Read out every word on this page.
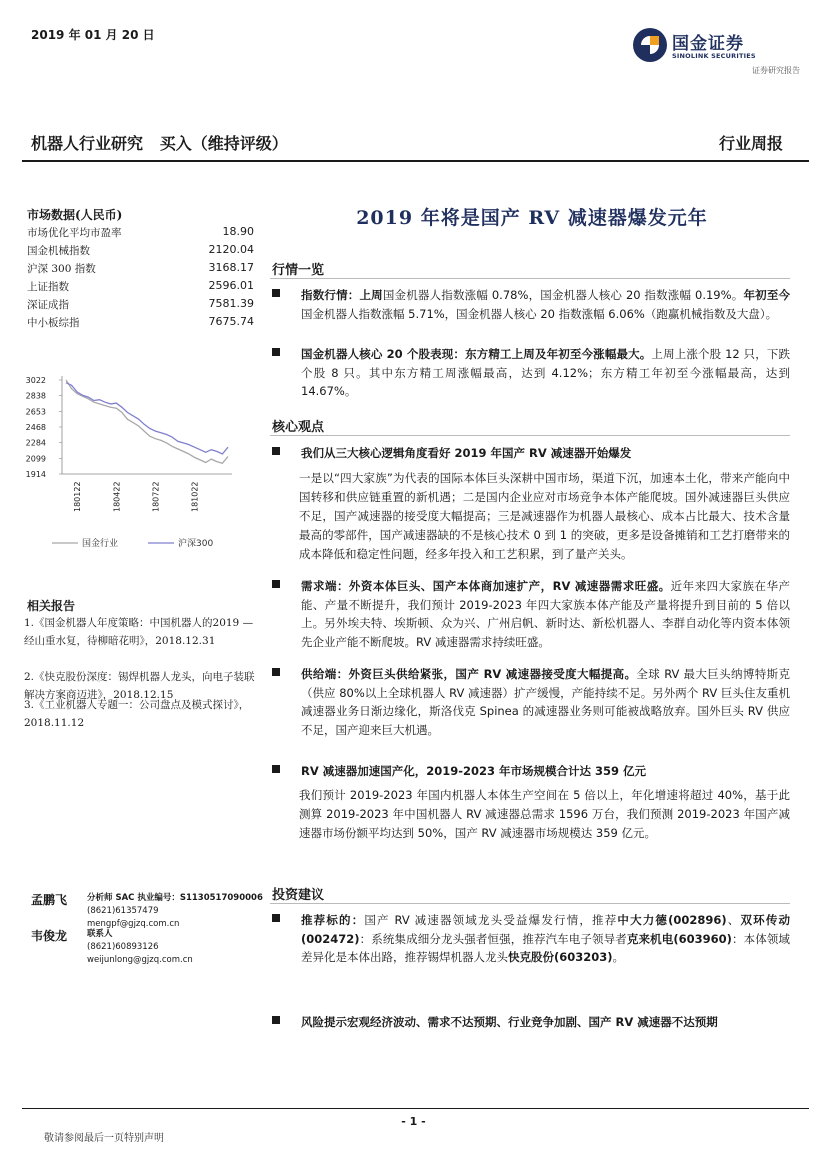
2019 年 01 月 20 日	国金证券
SINOLINK SECURITIES
证券研究报告
机器人行业研究   买入（维持评级）	行业周报
市场数据(人民币)
市场优化平均市盈率	18.90
国金机械指数	2120.04
沪深 300 指数	3168.17
上证指数	2596.01
深证成指	7581.39
中小板综指	7675.74
3022
2838
2653
2468
2284
2099
1914
180122	180422	180722	181022
国金行业	沪深300
相关报告
1.《国金机器人年度策略：中国机器人的2019 — 经山重水复，待柳暗花明》，2018.12.31
2.《快克股份深度：锡焊机器人龙头，向电子装联解决方案商迈进》，2018.12.15
3.《工业机器人专题一：公司盘点及模式探讨》，2018.11.12
孟鹏飞 分析师 SAC 执业编号：S1130517090006
(8621)61357479
mengpf@gjzq.com.cn
韦俊龙 联系人
(8621)60893126
weijunlong@gjzq.com.cn
2019 年将是国产 RV 减速器爆发元年
行情一览
指数行情：上周国金机器人指数涨幅 0.78%，国金机器人核心 20 指数涨幅 0.19%。年初至今国金机器人指数涨幅 5.71%，国金机器人核心 20 指数涨幅 6.06%（跑赢机械指数及大盘）。
国金机器人核心 20 个股表现：东方精工上周及年初至今涨幅最大。上周上涨个股 12 只，下跌个股 8 只。其中东方精工周涨幅最高，达到 4.12%；东方精工年初至今涨幅最高，达到 14.67%。
核心观点
我们从三大核心逻辑角度看好 2019 年国产 RV 减速器开始爆发
一是以“四大家族”为代表的国际本体巨头深耕中国市场，渠道下沉，加速本土化，带来产能向中国转移和供应链重置的新机遇；二是国内企业应对市场竞争本体产能爬坡。国外减速器巨头供应不足，国产减速器的接受度大幅提高；三是减速器作为机器人最核心、成本占比最大、技术含量最高的零部件，国产减速器缺的不是核心技术 0 到 1 的突破，更多是设备摊销和工艺打磨带来的成本降低和稳定性问题，经多年投入和工艺积累，到了量产关头。
需求端：外资本体巨头、国产本体商加速扩产，RV 减速器需求旺盛。近年来四大家族在华产能、产量不断提升，我们预计 2019-2023 年四大家族本体产能及产量将提升到目前的 5 倍以上。另外埃夫特、埃斯顿、众为兴、广州启帆、新时达、新松机器人、李群自动化等内资本体领先企业产能不断爬坡。RV 减速器需求持续旺盛。
供给端：外资巨头供给紧张，国产 RV 减速器接受度大幅提高。全球 RV 最大巨头纳博特斯克（供应 80%以上全球机器人 RV 减速器）扩产缓慢，产能持续不足。另外两个 RV 巨头住友重机减速器业务日渐边缘化，斯洛伐克 Spinea 的减速器业务则可能被战略放弃。国外巨头 RV 供应不足，国产迎来巨大机遇。
RV 减速器加速国产化，2019-2023 年市场规模合计达 359 亿元
我们预计 2019-2023 年国内机器人本体生产空间在 5 倍以上，年化增速将超过 40%，基于此测算 2019-2023 年中国机器人 RV 减速器总需求 1596 万台，我们预测 2019-2023 年国产减速器市场份额平均达到 50%，国产 RV 减速器市场规模达 359 亿元。
投资建议
推荐标的：国产 RV 减速器领域龙头受益爆发行情，推荐中大力德(002896)、双环传动(002472)：系统集成细分龙头强者恒强，推荐汽车电子领导者克来机电(603960)：本体领域差异化是本体出路，推荐锡焊机器人龙头快克股份(603203)。
风险提示宏观经济波动、需求不达预期、行业竞争加剧、国产 RV 减速器不达预期
- 1 -
敬请参阅最后一页特别声明
